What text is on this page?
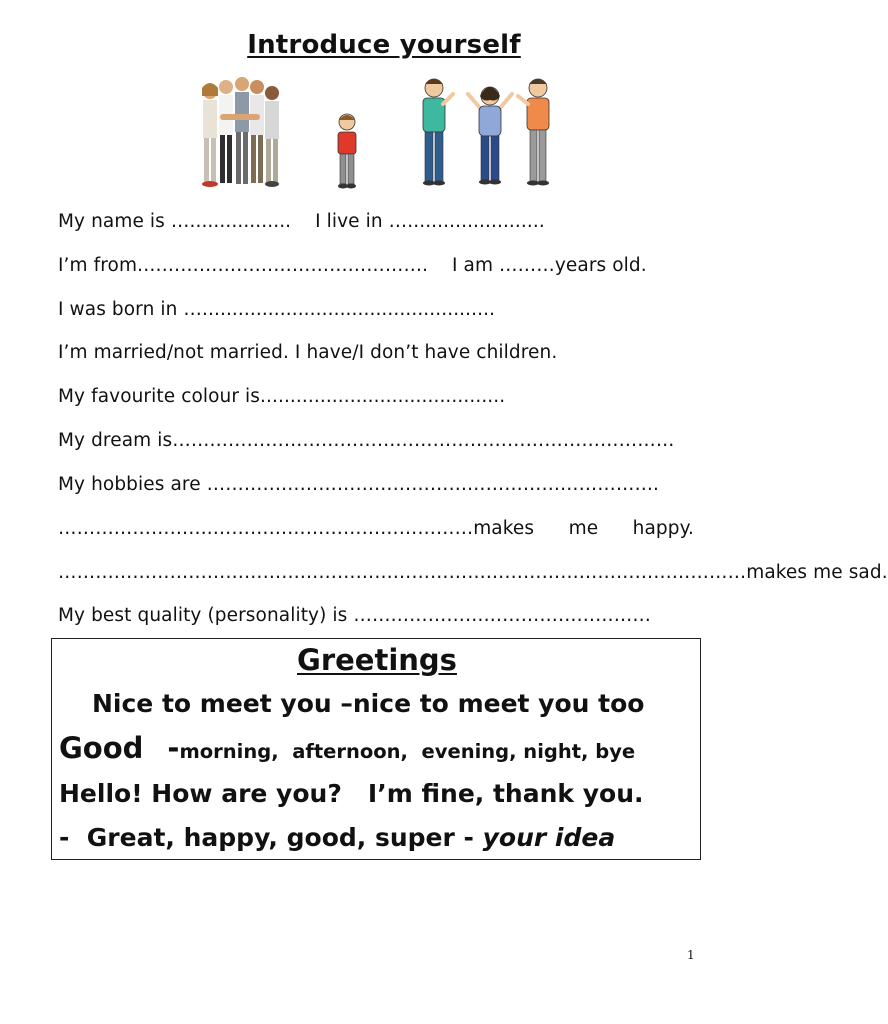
Introduce yourself
My name is ….................    I live in ….......................
I’m from.……………………………………….    I am ………years old.
I was born in ….................................................
I’m married/not married. I have/I don’t have children.
My favourite colour is.........................................
My dream is………………………………………………………………………
My hobbies are ……………………………………………………………….
…………………….…………………………………… makes me happy.
…………………………………………………………………………………………………makes me sad.
My best quality (personality) is …………………………………………
Greetings
Nice to meet you –nice to meet you too
Good - morning,  afternoon,  evening, night, bye
Hello! How are you?   I’m fine, thank you.
-  Great, happy, good, super - your idea
1
